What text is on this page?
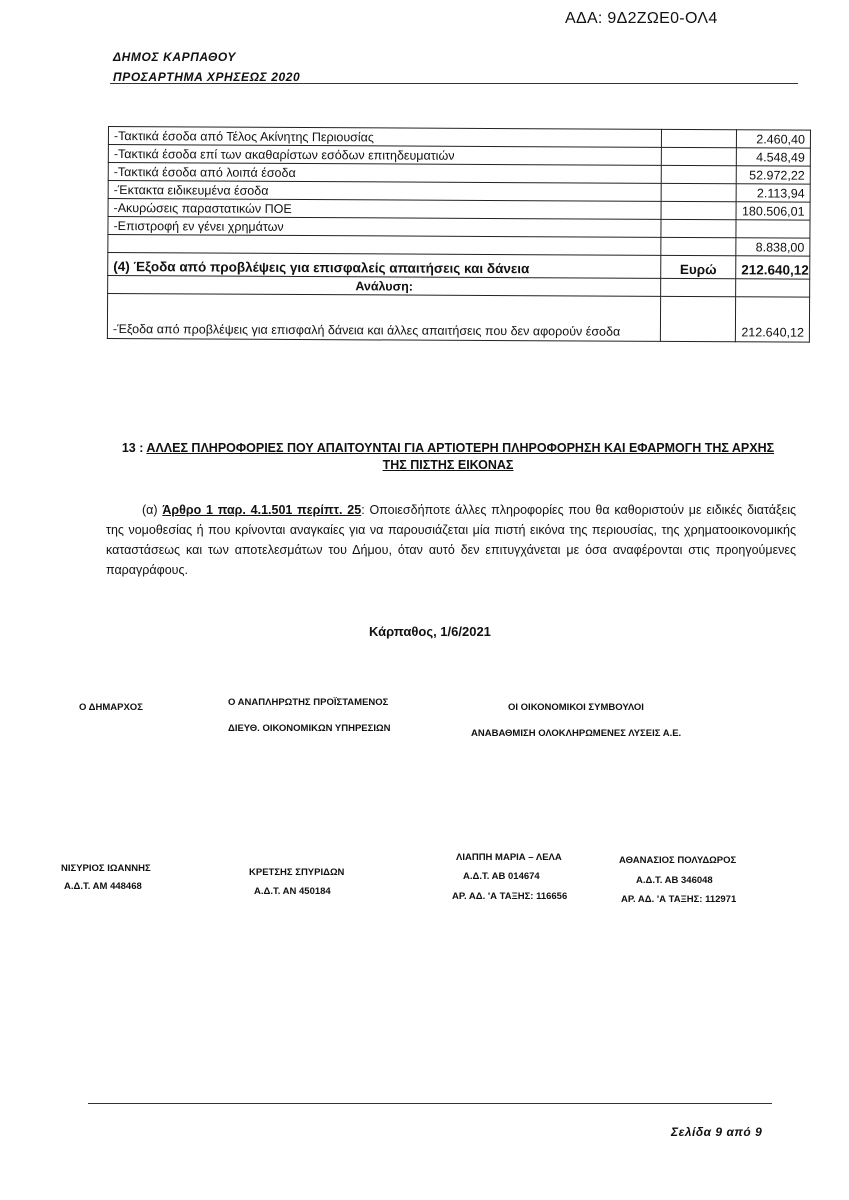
ΑΔΑ: 9Δ2ΖΩΕ0-ΟΛ4
ΔΗΜΟΣ ΚΑΡΠΑΘΟΥ
ΠΡΟΣΑΡΤΗΜΑ ΧΡΗΣΕΩΣ 2020
-Τακτικά έσοδα από Τέλος Ακίνητης Περιουσίας		2.460,40
-Τακτικά έσοδα επί των ακαθαρίστων εσόδων επιτηδευματιών		4.548,49
-Τακτικά έσοδα από λοιπά έσοδα		52.972,22
-Έκτακτα ειδικευμένα έσοδα		2.113,94
-Ακυρώσεις παραστατικών ΠΟΕ		180.506,01
-Επιστροφή εν γένει χρημάτων		
		8.838,00
(4) Έξοδα από προβλέψεις για επισφαλείς απαιτήσεις και δάνεια	Ευρώ	212.640,12
Ανάλυση:		
-Έξοδα από προβλέψεις για επισφαλή δάνεια και άλλες απαιτήσεις που δεν αφορούν έσοδα		212.640,12
13 : ΑΛΛΕΣ ΠΛΗΡΟΦΟΡΙΕΣ ΠΟΥ ΑΠΑΙΤΟΥΝΤΑΙ ΓΙΑ ΑΡΤΙΟΤΕΡΗ ΠΛΗΡΟΦΟΡΗΣΗ ΚΑΙ ΕΦΑΡΜΟΓΗ ΤΗΣ ΑΡΧΗΣ ΤΗΣ ΠΙΣΤΗΣ ΕΙΚΟΝΑΣ
(α) Άρθρο 1 παρ. 4.1.501 περίπτ. 25: Οποιεσδήποτε άλλες πληροφορίες που θα καθοριστούν με ειδικές διατάξεις της νομοθεσίας ή που κρίνονται αναγκαίες για να παρουσιάζεται μία πιστή εικόνα της περιουσίας, της χρηματοοικονομικής καταστάσεως και των αποτελεσμάτων του Δήμου, όταν αυτό δεν επιτυγχάνεται με όσα αναφέρονται στις προηγούμενες παραγράφους.
Κάρπαθος, 1/6/2021
Ο ΔΗΜΑΡΧΟΣ	Ο ΑΝΑΠΛΗΡΩΤΗΣ ΠΡΟΪΣΤΑΜΕΝΟΣ
ΔΙΕΥΘ. ΟΙΚΟΝΟΜΙΚΩΝ ΥΠΗΡΕΣΙΩΝ
ΟΙ ΟΙΚΟΝΟΜΙΚΟΙ ΣΥΜΒΟΥΛΟΙ
ΑΝΑΒΑΘΜΙΣΗ ΟΛΟΚΛΗΡΩΜΕΝΕΣ ΛΥΣΕΙΣ Α.Ε.
ΝΙΣΥΡΙΟΣ ΙΩΑΝΝΗΣ
Α.Δ.Τ. ΑΜ 448468
ΚΡΕΤΣΗΣ ΣΠΥΡΙΔΩΝ
Α.Δ.Τ. ΑΝ 450184
ΛΙΑΠΠΗ ΜΑΡΙΑ – ΛΕΛΑ
Α.Δ.Τ. ΑΒ 014674
ΑΡ. ΑΔ. 'Α ΤΑΞΗΣ: 116656
ΑΘΑΝΑΣΙΟΣ ΠΟΛΥΔΩΡΟΣ
Α.Δ.Τ. ΑΒ 346048
ΑΡ. ΑΔ. 'Α ΤΑΞΗΣ: 112971
Σελίδα 9 από 9
